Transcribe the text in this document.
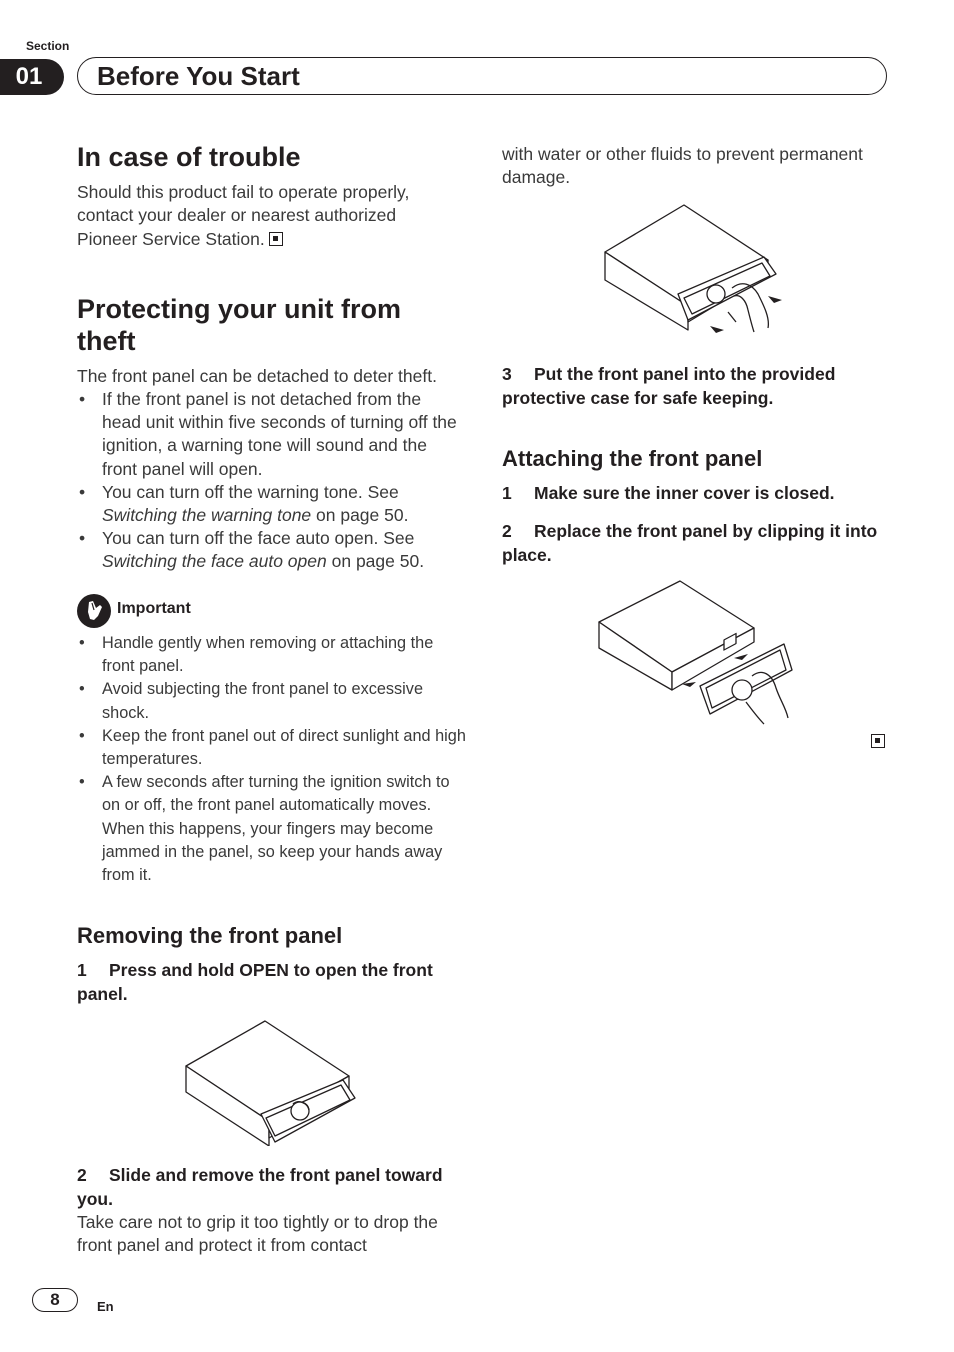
Section
01	Before You Start
In case of trouble
Should this product fail to operate properly, contact your dealer or nearest authorized Pioneer Service Station.
Protecting your unit from
theft
The front panel can be detached to deter theft.
• If the front panel is not detached from the head unit within five seconds of turning off the ignition, a warning tone will sound and the front panel will open.
• You can turn off the warning tone. See Switching the warning tone on page 50.
• You can turn off the face auto open. See Switching the face auto open on page 50.
Important
• Handle gently when removing or attaching the front panel.
• Avoid subjecting the front panel to excessive shock.
• Keep the front panel out of direct sunlight and high temperatures.
• A few seconds after turning the ignition switch to on or off, the front panel automatically moves. When this happens, your fingers may become jammed in the panel, so keep your hands away from it.
Removing the front panel
1 Press and hold OPEN to open the front panel.
2 Slide and remove the front panel toward you.
Take care not to grip it too tightly or to drop the front panel and protect it from contact
with water or other fluids to prevent permanent damage.
3 Put the front panel into the provided protective case for safe keeping.
Attaching the front panel
1 Make sure the inner cover is closed.
2 Replace the front panel by clipping it into place.
8	En
